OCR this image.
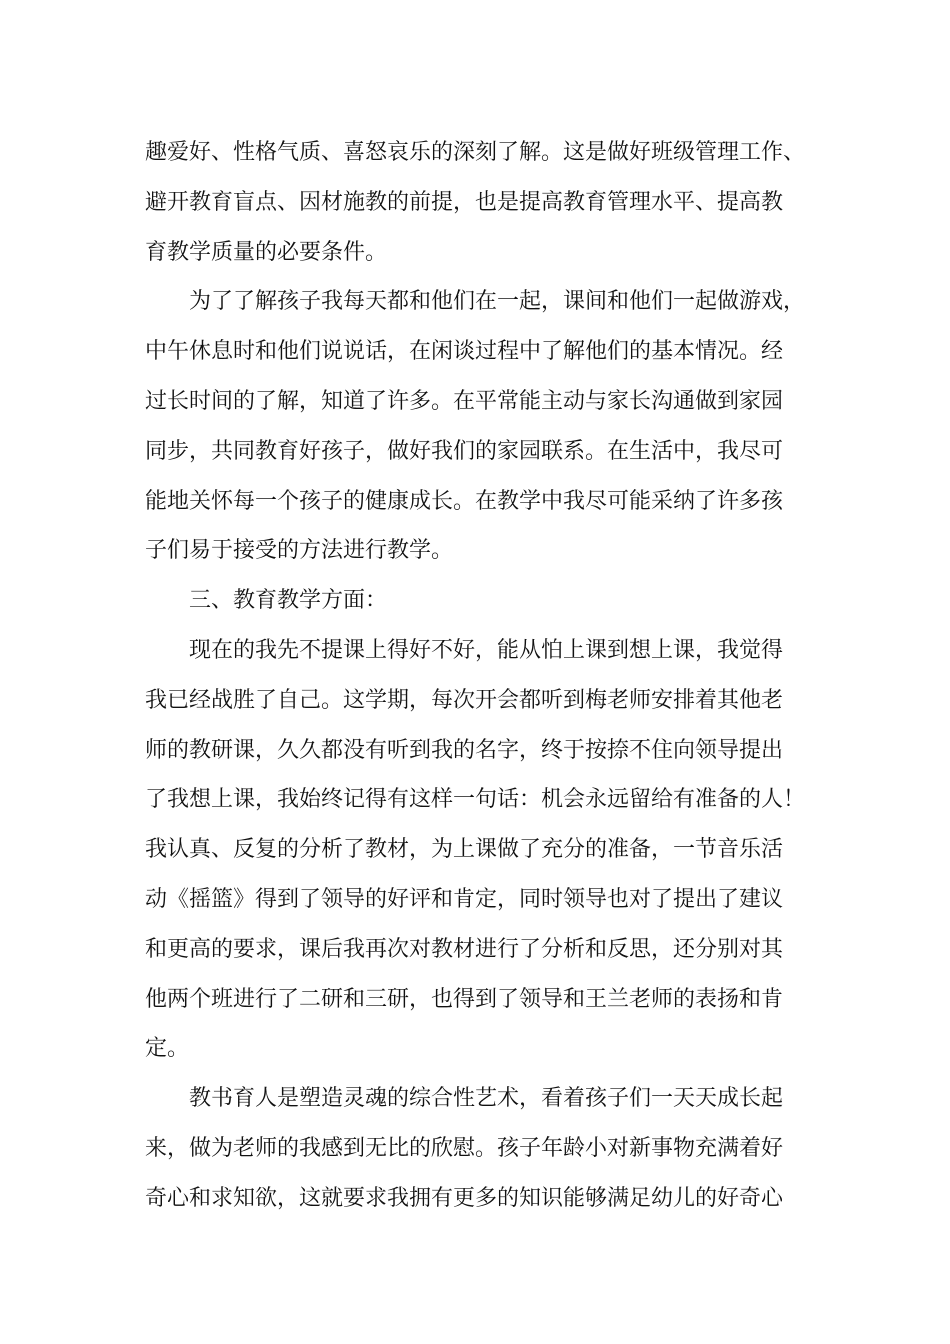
趣爱好、性格气质、喜怒哀乐的深刻了解。这是做好班级管理工作、
避开教育盲点、因材施教的前提，也是提高教育管理水平、提高教
育教学质量的必要条件。

为了了解孩子我每天都和他们在一起，课间和他们一起做游戏，
中午休息时和他们说说话，在闲谈过程中了解他们的基本情况。经
过长时间的了解，知道了许多。在平常能主动与家长沟通做到家园
同步，共同教育好孩子，做好我们的家园联系。在生活中，我尽可
能地关怀每一个孩子的健康成长。在教学中我尽可能采纳了许多孩
子们易于接受的方法进行教学。

三、教育教学方面：

现在的我先不提课上得好不好，能从怕上课到想上课，我觉得
我已经战胜了自己。这学期，每次开会都听到梅老师安排着其他老
师的教研课，久久都没有听到我的名字，终于按捺不住向领导提出
了我想上课，我始终记得有这样一句话：机会永远留给有准备的人！
我认真、反复的分析了教材，为上课做了充分的准备，一节音乐活
动《摇篮》得到了领导的好评和肯定，同时领导也对了提出了建议
和更高的要求，课后我再次对教材进行了分析和反思，还分别对其
他两个班进行了二研和三研，也得到了领导和王兰老师的表扬和肯
定。

教书育人是塑造灵魂的综合性艺术，看着孩子们一天天成长起
来，做为老师的我感到无比的欣慰。孩子年龄小对新事物充满着好
奇心和求知欲，这就要求我拥有更多的知识能够满足幼儿的好奇心
